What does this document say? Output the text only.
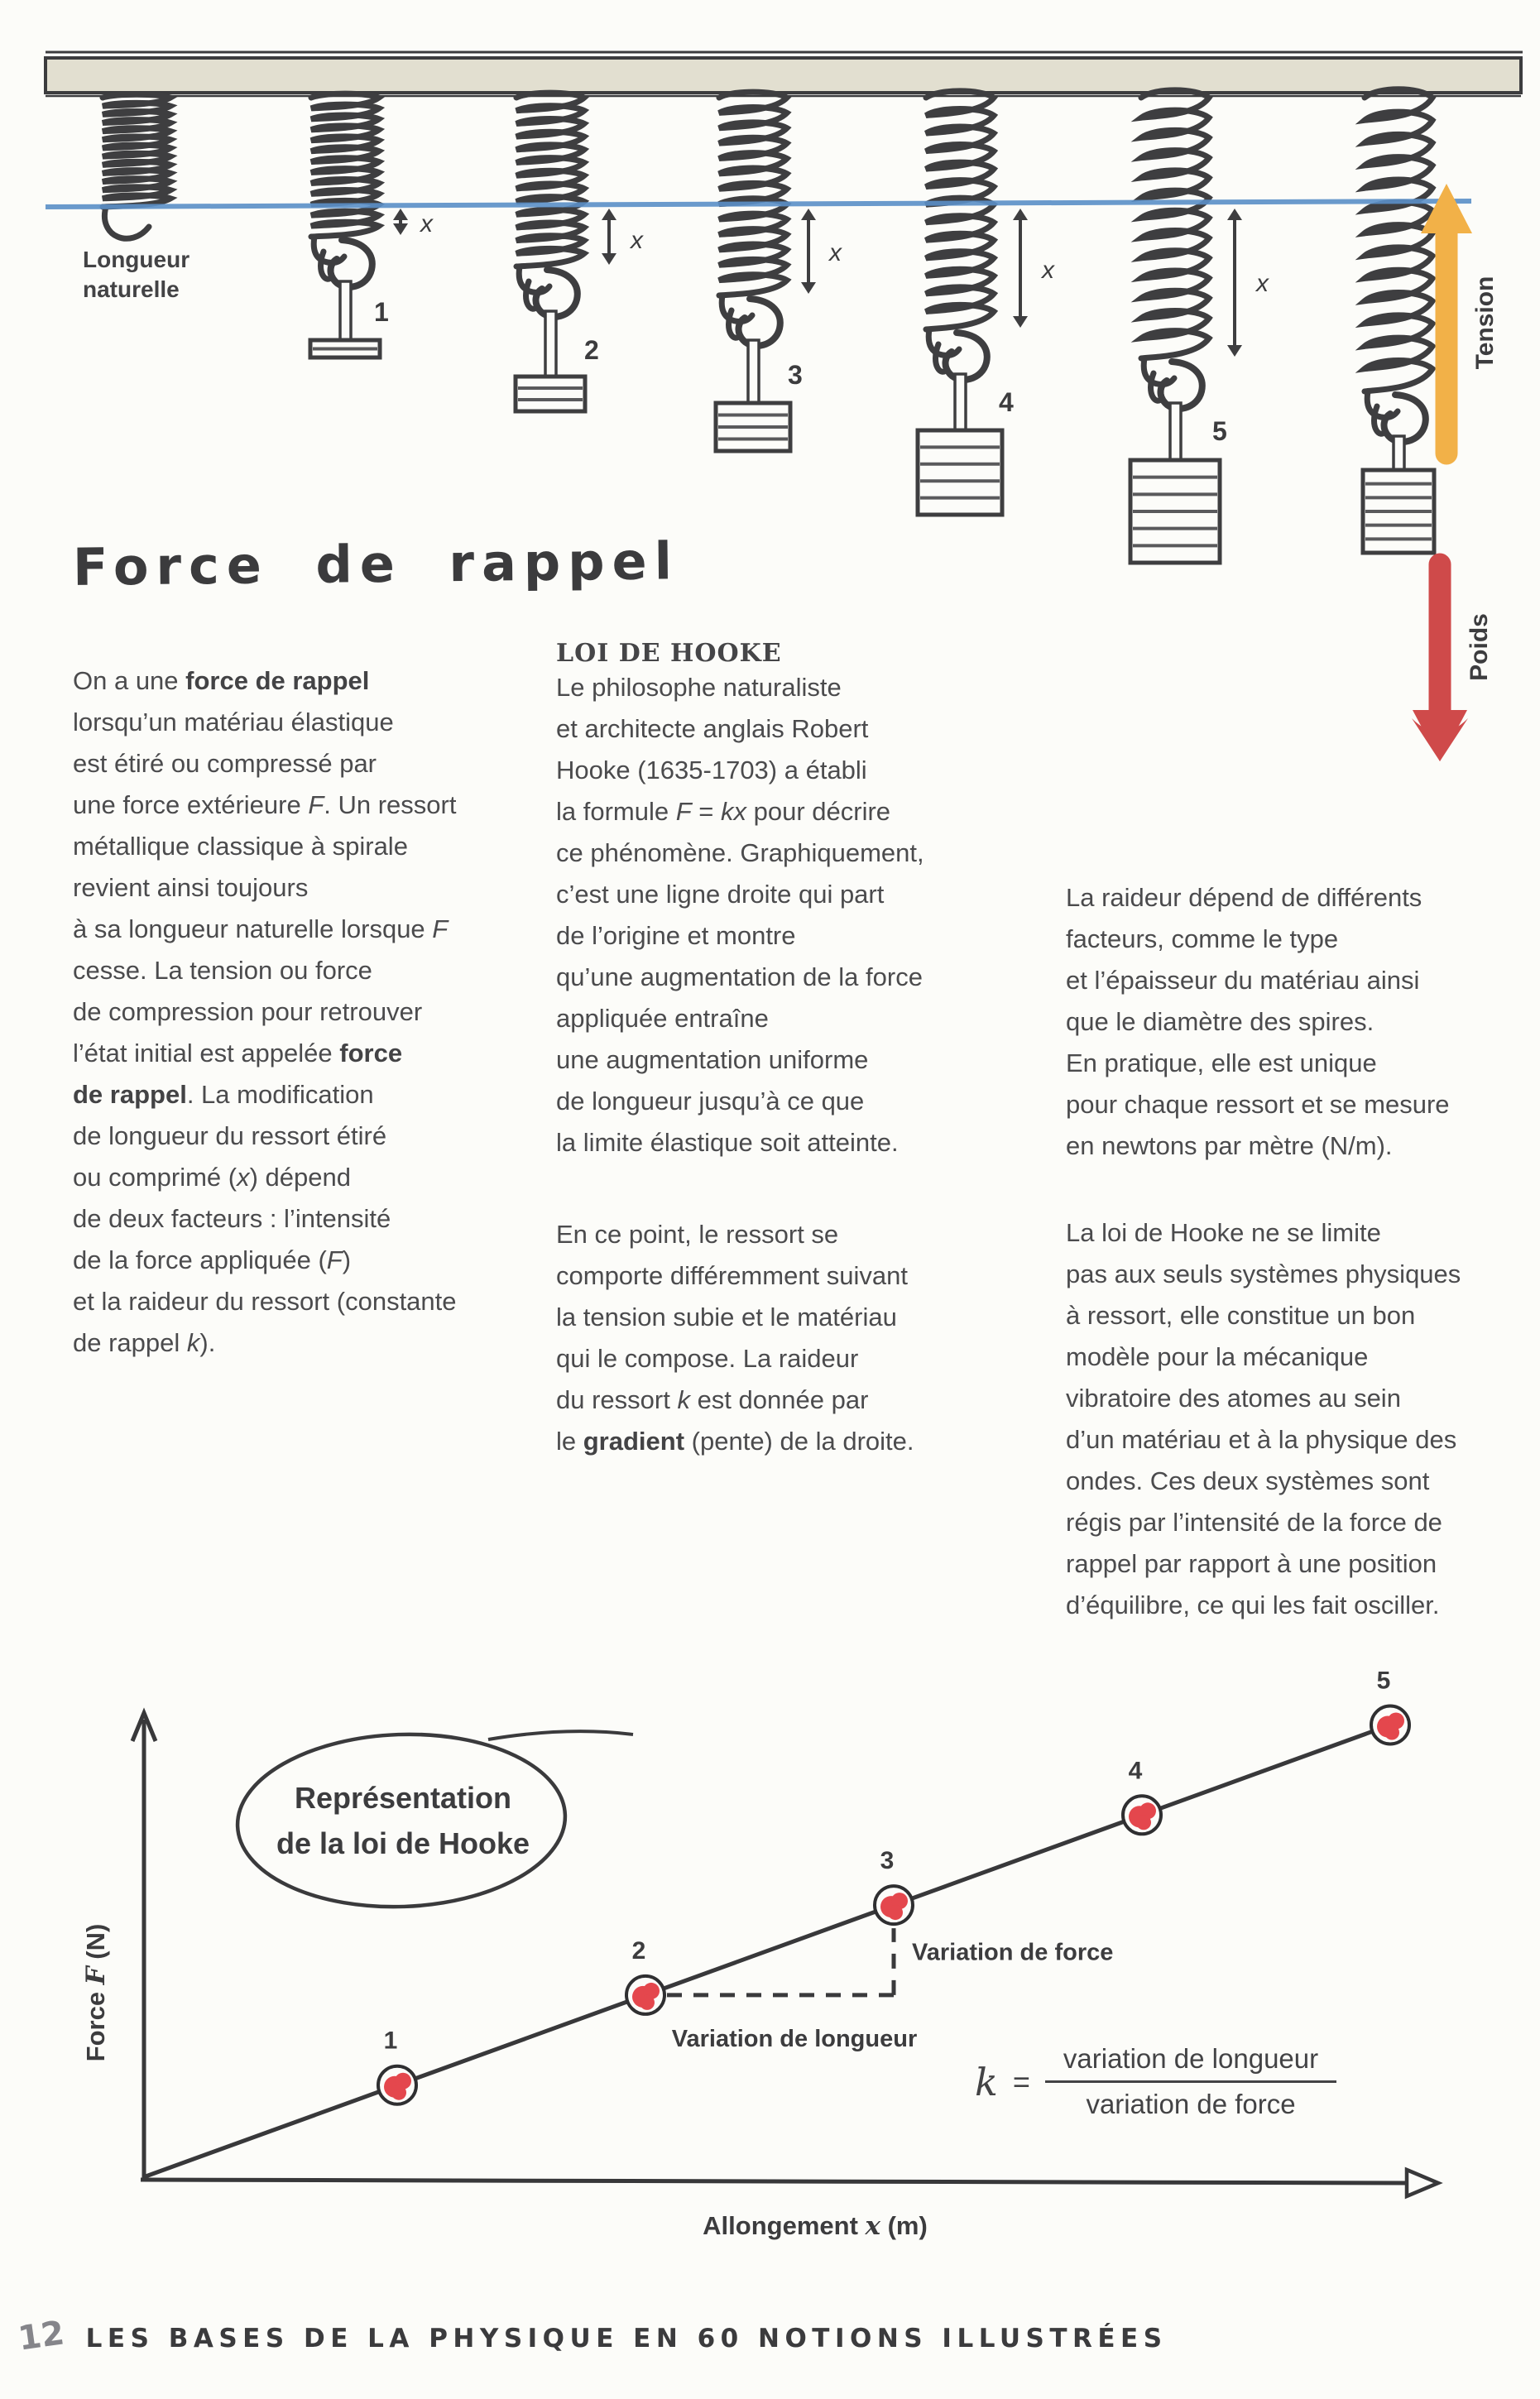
1
x
2
x
3
x
4
x
5
x	Tension
Poids
Longueur
naturelle
Force de rappel
On a une force de rappel
lorsqu’un matériau élastique
est étiré ou compressé par
une force extérieure F. Un ressort
métallique classique à spirale
revient ainsi toujours
à sa longueur naturelle lorsque F
cesse. La tension ou force
de compression pour retrouver
l’état initial est appelée force
de rappel. La modification
de longueur du ressort étiré
ou comprimé (x) dépend
de deux facteurs : l’intensité
de la force appliquée (F)
et la raideur du ressort (constante
de rappel k).
LOI DE HOOKE
Le philosophe naturaliste
et architecte anglais Robert
Hooke (1635-1703) a établi
la formule F = kx pour décrire
ce phénomène. Graphiquement,
c’est une ligne droite qui part
de l’origine et montre
qu’une augmentation de la force
appliquée entraîne
une augmentation uniforme
de longueur jusqu’à ce que
la limite élastique soit atteinte.
En ce point, le ressort se
comporte différemment suivant
la tension subie et le matériau
qui le compose. La raideur
du ressort k est donnée par
le gradient (pente) de la droite.
La raideur dépend de différents
facteurs, comme le type
et l’épaisseur du matériau ainsi
que le diamètre des spires.
En pratique, elle est unique
pour chaque ressort et se mesure
en newtons par mètre (N/m).
La loi de Hooke ne se limite
pas aux seuls systèmes physiques
à ressort, elle constitue un bon
modèle pour la mécanique
vibratoire des atomes au sein
d’un matériau et à la physique des
ondes. Ces deux systèmes sont
régis par l’intensité de la force de
rappel par rapport à une position
d’équilibre, ce qui les fait osciller.
1
2
3
4
5
Variation de force
Variation de longueur
Représentation
de la loi de Hooke
Force F (N)
Allongement x (m)
k =
variation de longueur
variation de force
12 LES BASES DE LA PHYSIQUE EN 60 NOTIONS ILLUSTRÉES
